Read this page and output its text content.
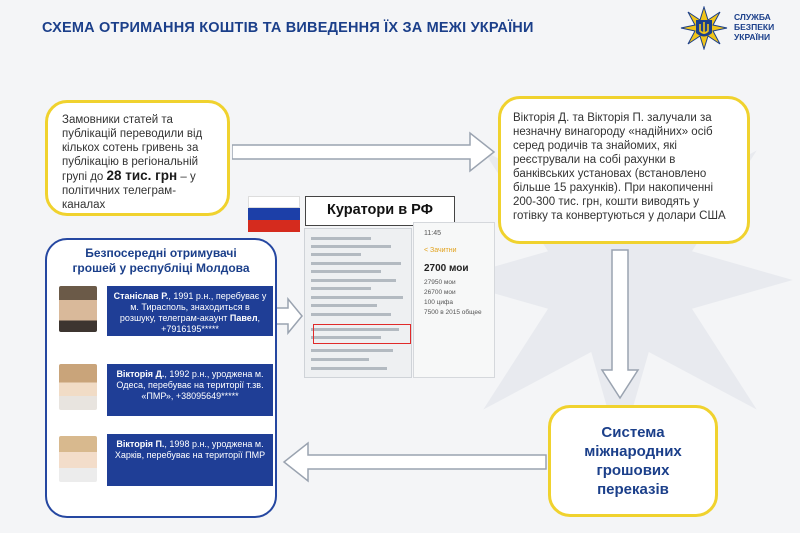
СХЕМА ОТРИМАННЯ КОШТІВ ТА ВИВЕДЕННЯ ЇХ ЗА МЕЖІ УКРАЇНИ
СЛУЖБА
БЕЗПЕКИ
УКРАЇНИ
Замовники статей та публікацій переводили від кількох сотень гривень за публікацію в регіональній групі до 28 тис. грн – у політичних телеграм-каналах
Вікторія Д. та Вікторія П. залучали за незначну винагороду «надійних» осіб серед родичів та знайомих, які реєстрували на собі рахунки в банківських установах (встановлено більше 15 рахунків). При накопиченні 200-300 тис. грн, кошти виводять у готівку та конвертуються у долари США
Система
міжнародних
грошових
переказів
Куратори в РФ
11:45
< Зачитни
2700 мои
27950 мои
26700 мои
100 цифа
7500 в 2015 общее
Безпосередні отримувачі
грошей у республіці Молдова
Станіслав Р., 1991 р.н., перебуває у м. Тирасполь, знаходиться в розшуку, телеграм-акаунт Павел, +7916195*****
Вікторія Д., 1992 р.н., уроджена м. Одеса, перебуває на території т.зв. «ПМР», +38095649*****
Вікторія П., 1998 р.н., уроджена м. Харків, перебуває на території ПМР
